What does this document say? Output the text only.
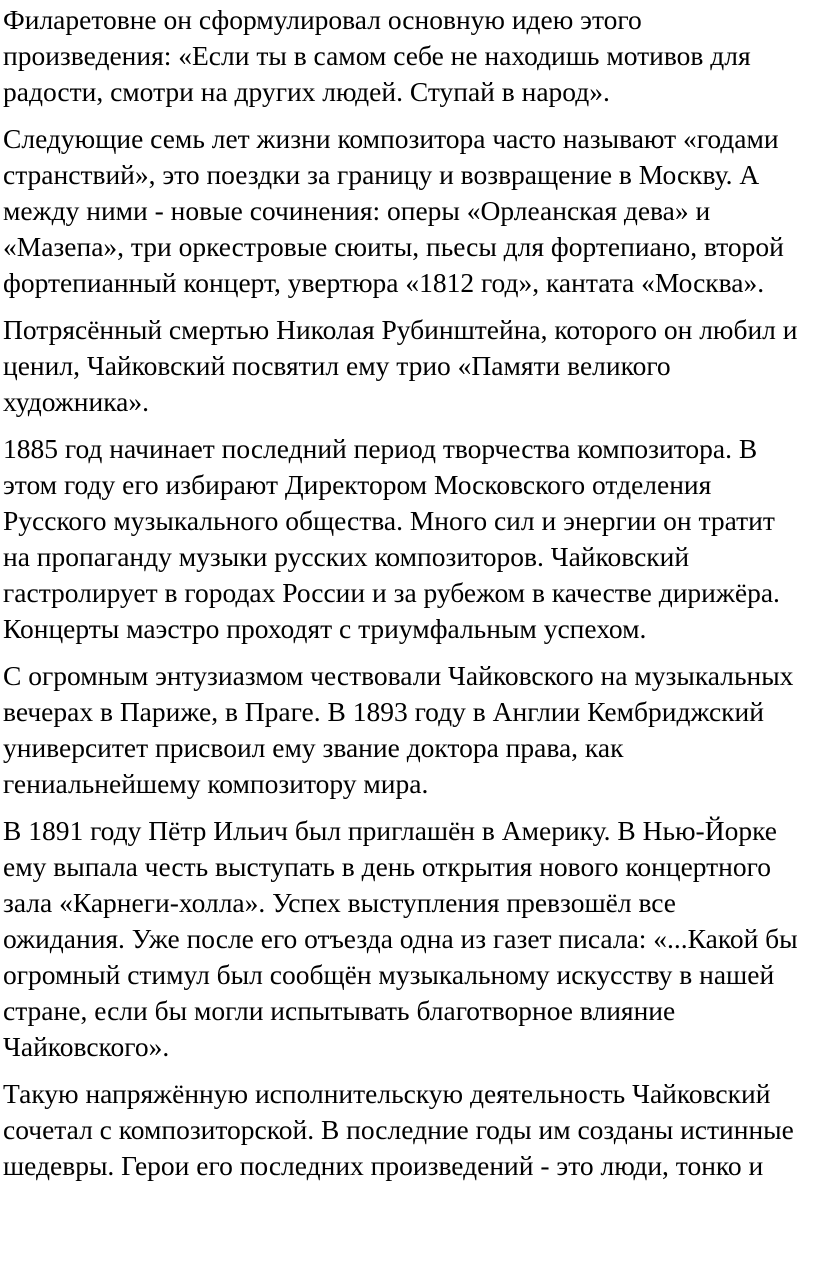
Филаретовне он сформулировал основную идею этого
произведения: «Если ты в самом себе не находишь мотивов для
радости, смотри на других людей. Ступай в народ».

Следующие семь лет жизни композитора часто называют «годами
странствий», это поездки за границу и возвращение в Москву. А
между ними - новые сочинения: оперы «Орлеанская дева» и
«Мазепа», три оркестровые сюиты, пьесы для фортепиано, второй
фортепианный концерт, увертюра «1812 год», кантата «Москва».

Потрясённый смертью Николая Рубинштейна, которого он любил и
ценил, Чайковский посвятил ему трио «Памяти великого
художника».

1885 год начинает последний период творчества композитора. В
этом году его избирают Директором Московского отделения
Русского музыкального общества. Много сил и энергии он тратит
на пропаганду музыки русских композиторов. Чайковский
гастролирует в городах России и за рубежом в качестве дирижёра.
Концерты маэстро проходят с триумфальным успехом.

С огромным энтузиазмом чествовали Чайковского на музыкальных
вечерах в Париже, в Праге. В 1893 году в Англии Кембриджский
университет присвоил ему звание доктора права, как
гениальнейшему композитору мира.

В 1891 году Пётр Ильич был приглашён в Америку. В Нью-Йорке
ему выпала честь выступать в день открытия нового концертного
зала «Карнеги-холла». Успех выступления превзошёл все
ожидания. Уже после его отъезда одна из газет писала: «...Какой бы
огромный стимул был сообщён музыкальному искусству в нашей
стране, если бы могли испытывать благотворное влияние
Чайковского».

Такую напряжённую исполнительскую деятельность Чайковский
сочетал с композиторской. В последние годы им созданы истинные
шедевры. Герои его последних произведений - это люди, тонко и
